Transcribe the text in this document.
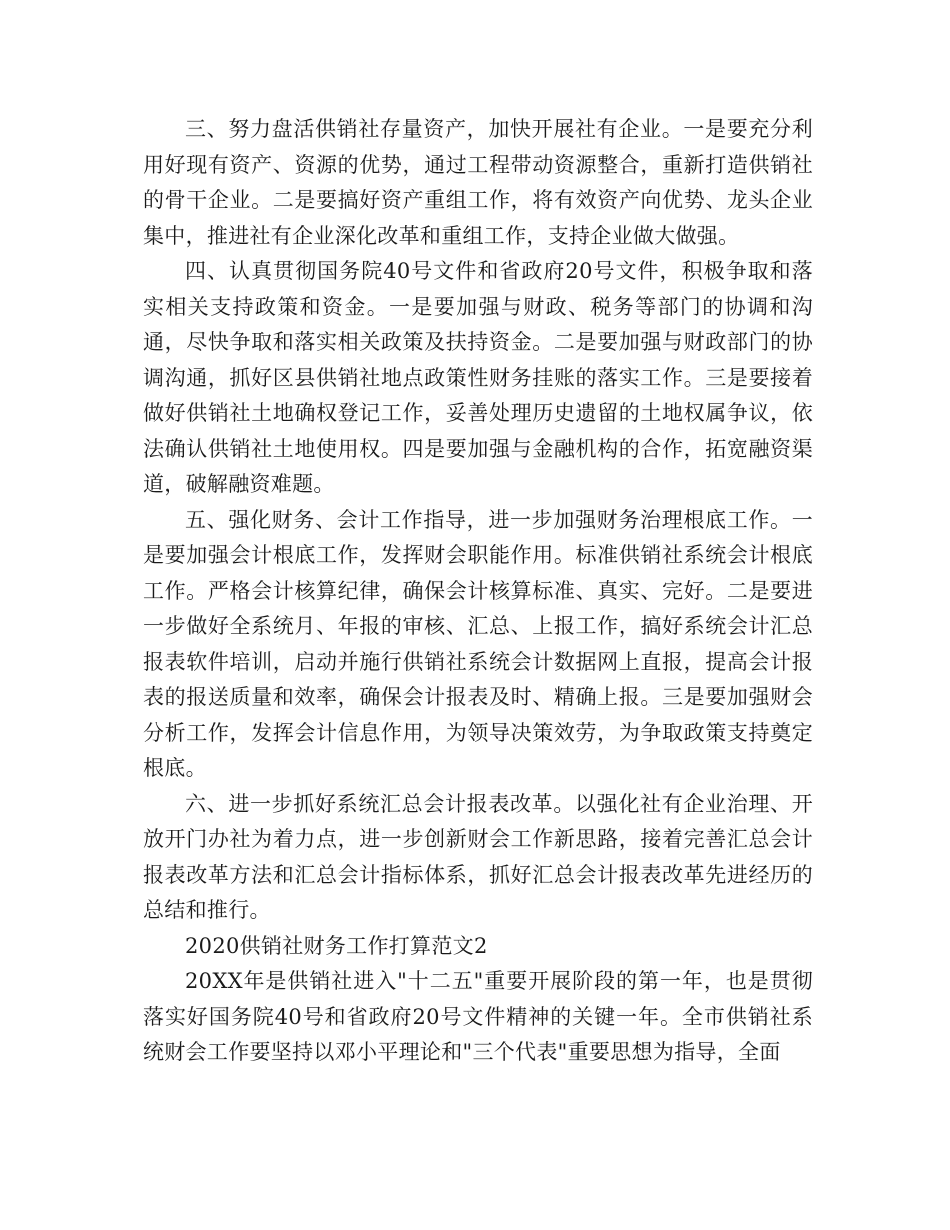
三、努力盘活供销社存量资产，加快开展社有企业。一是要充分利用好现有资产、资源的优势，通过工程带动资源整合，重新打造供销社的骨干企业。二是要搞好资产重组工作，将有效资产向优势、龙头企业集中，推进社有企业深化改革和重组工作，支持企业做大做强。

四、认真贯彻国务院40号文件和省政府20号文件，积极争取和落实相关支持政策和资金。一是要加强与财政、税务等部门的协调和沟通，尽快争取和落实相关政策及扶持资金。二是要加强与财政部门的协调沟通，抓好区县供销社地点政策性财务挂账的落实工作。三是要接着做好供销社土地确权登记工作，妥善处理历史遗留的土地权属争议，依法确认供销社土地使用权。四是要加强与金融机构的合作，拓宽融资渠道，破解融资难题。

五、强化财务、会计工作指导，进一步加强财务治理根底工作。一是要加强会计根底工作，发挥财会职能作用。标准供销社系统会计根底工作。严格会计核算纪律，确保会计核算标准、真实、完好。二是要进一步做好全系统月、年报的审核、汇总、上报工作，搞好系统会计汇总报表软件培训，启动并施行供销社系统会计数据网上直报，提高会计报表的报送质量和效率，确保会计报表及时、精确上报。三是要加强财会分析工作，发挥会计信息作用，为领导决策效劳，为争取政策支持奠定根底。

六、进一步抓好系统汇总会计报表改革。以强化社有企业治理、开放开门办社为着力点，进一步创新财会工作新思路，接着完善汇总会计报表改革方法和汇总会计指标体系，抓好汇总会计报表改革先进经历的总结和推行。

2020供销社财务工作打算范文2

20XX年是供销社进入"十二五"重要开展阶段的第一年，也是贯彻落实好国务院40号和省政府20号文件精神的关键一年。全市供销社系统财会工作要坚持以邓小平理论和"三个代表"重要思想为指导，全面
